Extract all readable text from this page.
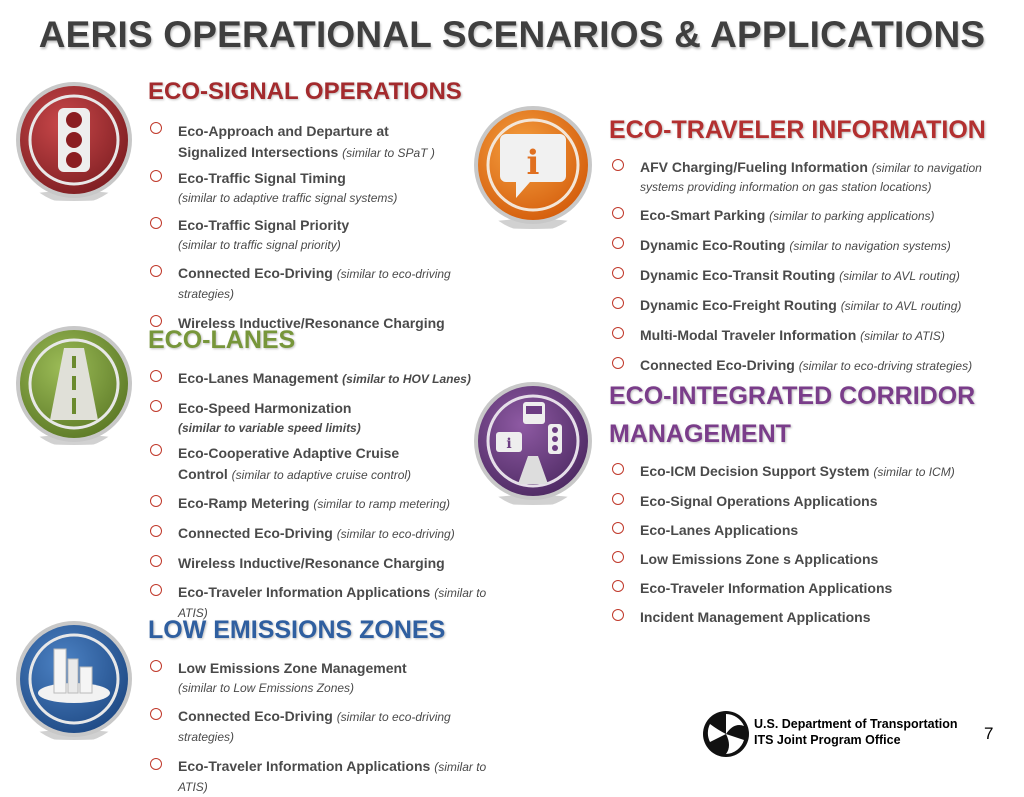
AERIS OPERATIONAL SCENARIOS & APPLICATIONS
ECO-SIGNAL OPERATIONS
Eco-Approach and Departure at
Signalized Intersections (similar to SPaT )
Eco-Traffic Signal Timing
(similar to adaptive traffic signal systems)
Eco-Traffic Signal Priority
(similar to traffic signal priority)
Connected Eco-Driving (similar to eco-driving strategies)
Wireless Inductive/Resonance Charging
ECO-LANES
Eco-Lanes Management (similar to HOV Lanes)
Eco-Speed Harmonization
(similar to variable speed limits)
Eco-Cooperative Adaptive Cruise
Control (similar to adaptive cruise control)
Eco-Ramp Metering (similar to ramp metering)
Connected Eco-Driving (similar to eco-driving)
Wireless Inductive/Resonance Charging
Eco-Traveler Information Applications (similar to ATIS)
LOW EMISSIONS ZONES
Low Emissions Zone Management
(similar to Low Emissions Zones)
Connected Eco-Driving (similar to eco-driving strategies)
Eco-Traveler Information Applications (similar to ATIS)
i
ECO-TRAVELER INFORMATION
AFV Charging/Fueling Information (similar to navigation
systems providing information on gas station locations)
Eco-Smart Parking (similar to parking applications)
Dynamic Eco-Routing (similar to navigation systems)
Dynamic Eco-Transit Routing (similar to AVL routing)
Dynamic Eco-Freight Routing (similar to AVL routing)
Multi-Modal Traveler Information (similar to ATIS)
Connected Eco-Driving (similar to eco-driving strategies)
i
ECO-INTEGRATED CORRIDOR MANAGEMENT
Eco-ICM Decision Support System (similar to ICM)
Eco-Signal Operations Applications
Eco-Lanes Applications
Low Emissions Zone s Applications
Eco-Traveler Information Applications
Incident Management Applications
U.S. Department of Transportation
ITS Joint Program Office	7
